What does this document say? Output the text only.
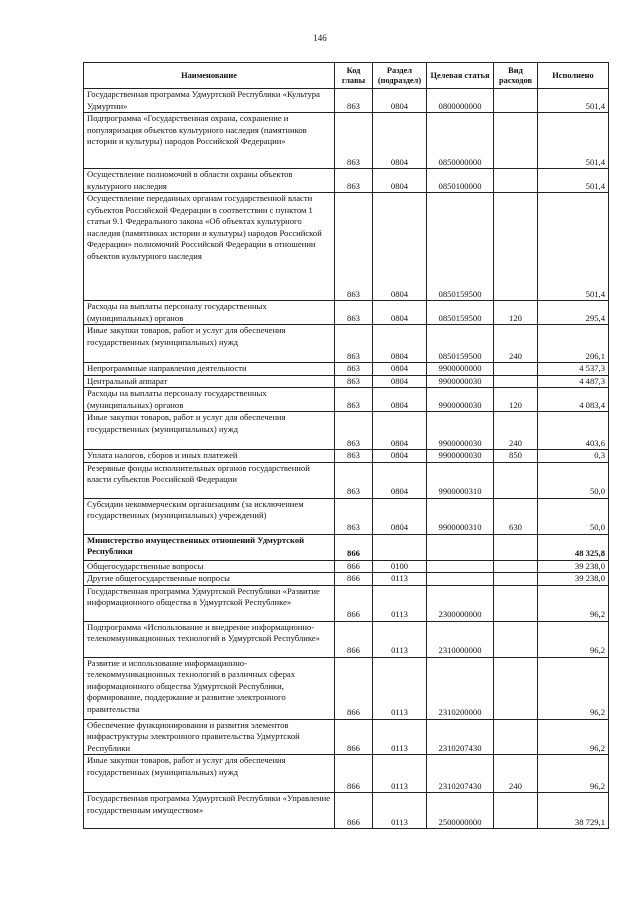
146
Наименование	Код главы	Раздел (подраздел)	Целевая статья	Вид расходов	Исполнено
Государственная программа Удмуртской Республики «Культура Удмуртии»	863	0804	0800000000		501,4
Подпрограмма «Государственная охрана, сохранение и популяризация объектов культурного наследия (памятников истории и культуры) народов Российской Федерации»	863	0804	0850000000		501,4
Осуществление полномочий в области охраны объектов культурного наследия	863	0804	0850100000		501,4
Осуществление переданных органам государственной власти субъектов Российской Федерации в соответствии с пунктом 1 статьи 9.1 Федерального закона «Об объектах культурного наследия (памятниках истории и культуры) народов Российской Федерации» полномочий Российской Федерации в отношении объектов культурного наследия	863	0804	0850159500		501,4
Расходы на выплаты персоналу государственных (муниципальных) органов	863	0804	0850159500	120	295,4
Иные закупки товаров, работ и услуг для обеспечения государственных (муниципальных) нужд	863	0804	0850159500	240	206,1
Непрограммные направления деятельности	863	0804	9900000000		4 537,3
Центральный аппарат	863	0804	9900000030		4 487,3
Расходы на выплаты персоналу государственных (муниципальных) органов	863	0804	9900000030	120	4 083,4
Иные закупки товаров, работ и услуг для обеспечения государственных (муниципальных) нужд	863	0804	9900000030	240	403,6
Уплата налогов, сборов и иных платежей	863	0804	9900000030	850	0,3
Резервные фонды исполнительных органов государственной власти субъектов Российской Федерации	863	0804	9900000310		50,0
Субсидии некоммерческим организациям (за исключением государственных (муниципальных) учреждений)	863	0804	9900000310	630	50,0
Министерство имущественных отношений Удмуртской Республики	866				48 325,8
Общегосударственные вопросы	866	0100			39 238,0
Другие общегосударственные вопросы	866	0113			39 238,0
Государственная программа Удмуртской Республики «Развитие информационного общества в Удмуртской Республике»	866	0113	2300000000		96,2
Подпрограмма «Использование и внедрение информационно-телекоммуникационных технологий в Удмуртской Республике»	866	0113	2310000000		96,2
Развитие и использование информационно-телекоммуникационных технологий в различных сферах информационного общества Удмуртской Республики, формирование, поддержание и развитие электронного правительства	866	0113	2310200000		96,2
Обеспечение функционирования и развития элементов инфраструктуры электронного правительства Удмуртской Республики	866	0113	2310207430		96,2
Иные закупки товаров, работ и услуг для обеспечения государственных (муниципальных) нужд	866	0113	2310207430	240	96,2
Государственная программа Удмуртской Республики «Управление государственным имуществом»	866	0113	2500000000		38 729,1
